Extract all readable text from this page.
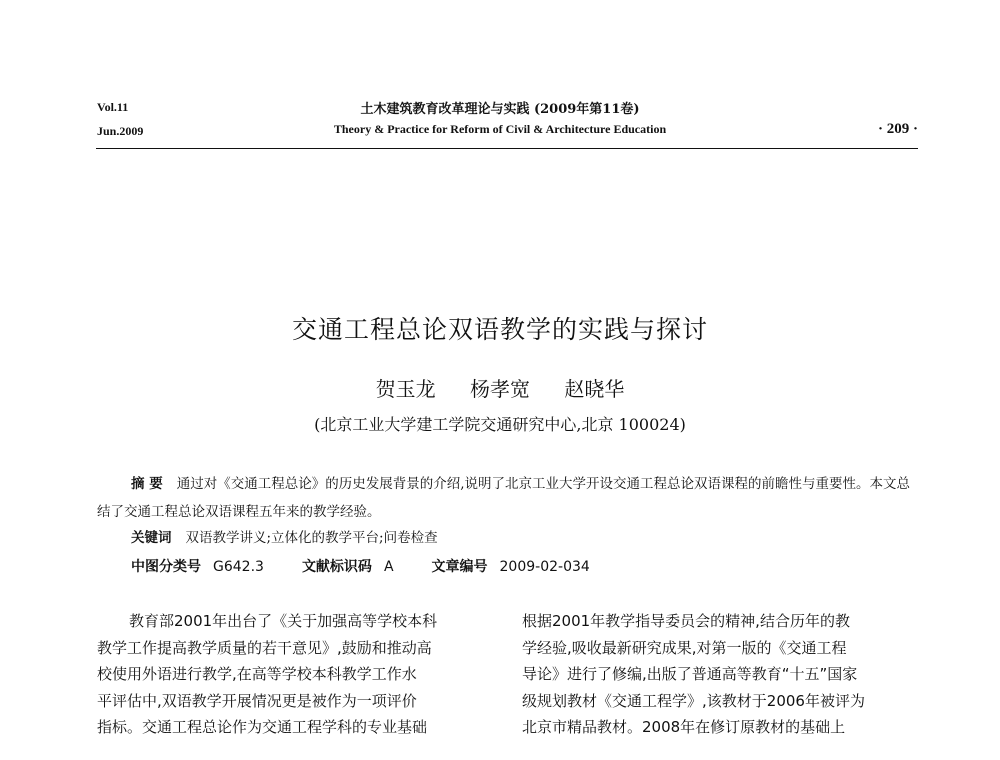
Vol.11
Jun.2009
土木建筑教育改革理论与实践 (2009年第11卷)
Theory & Practice for Reform of Civil & Architecture Education	· 209 ·
交通工程总论双语教学的实践与探讨
贺玉龙 杨孝宽 赵晓华
(北京工业大学建工学院交通研究中心,北京 100024)
摘 要 通过对《交通工程总论》的历史发展背景的介绍,说明了北京工业大学开设交通工程总论双语课程的前瞻性与重要性。本文总结了交通工程总论双语课程五年来的教学经验。
关键词 双语教学讲义;立体化的教学平台;问卷检查
中图分类号 G642.3	文献标识码 A	文章编号 2009-02-034
教育部2001年出台了《关于加强高等学校本科
教学工作提高教学质量的若干意见》,鼓励和推动高
校使用外语进行教学,在高等学校本科教学工作水
平评估中,双语教学开展情况更是被作为一项评价
指标。交通工程总论作为交通工程学科的专业基础
根据2001年教学指导委员会的精神,结合历年的教
学经验,吸收最新研究成果,对第一版的《交通工程
导论》进行了修编,出版了普通高等教育“十五”国家
级规划教材《交通工程学》,该教材于2006年被评为
北京市精品教材。2008年在修订原教材的基础上
